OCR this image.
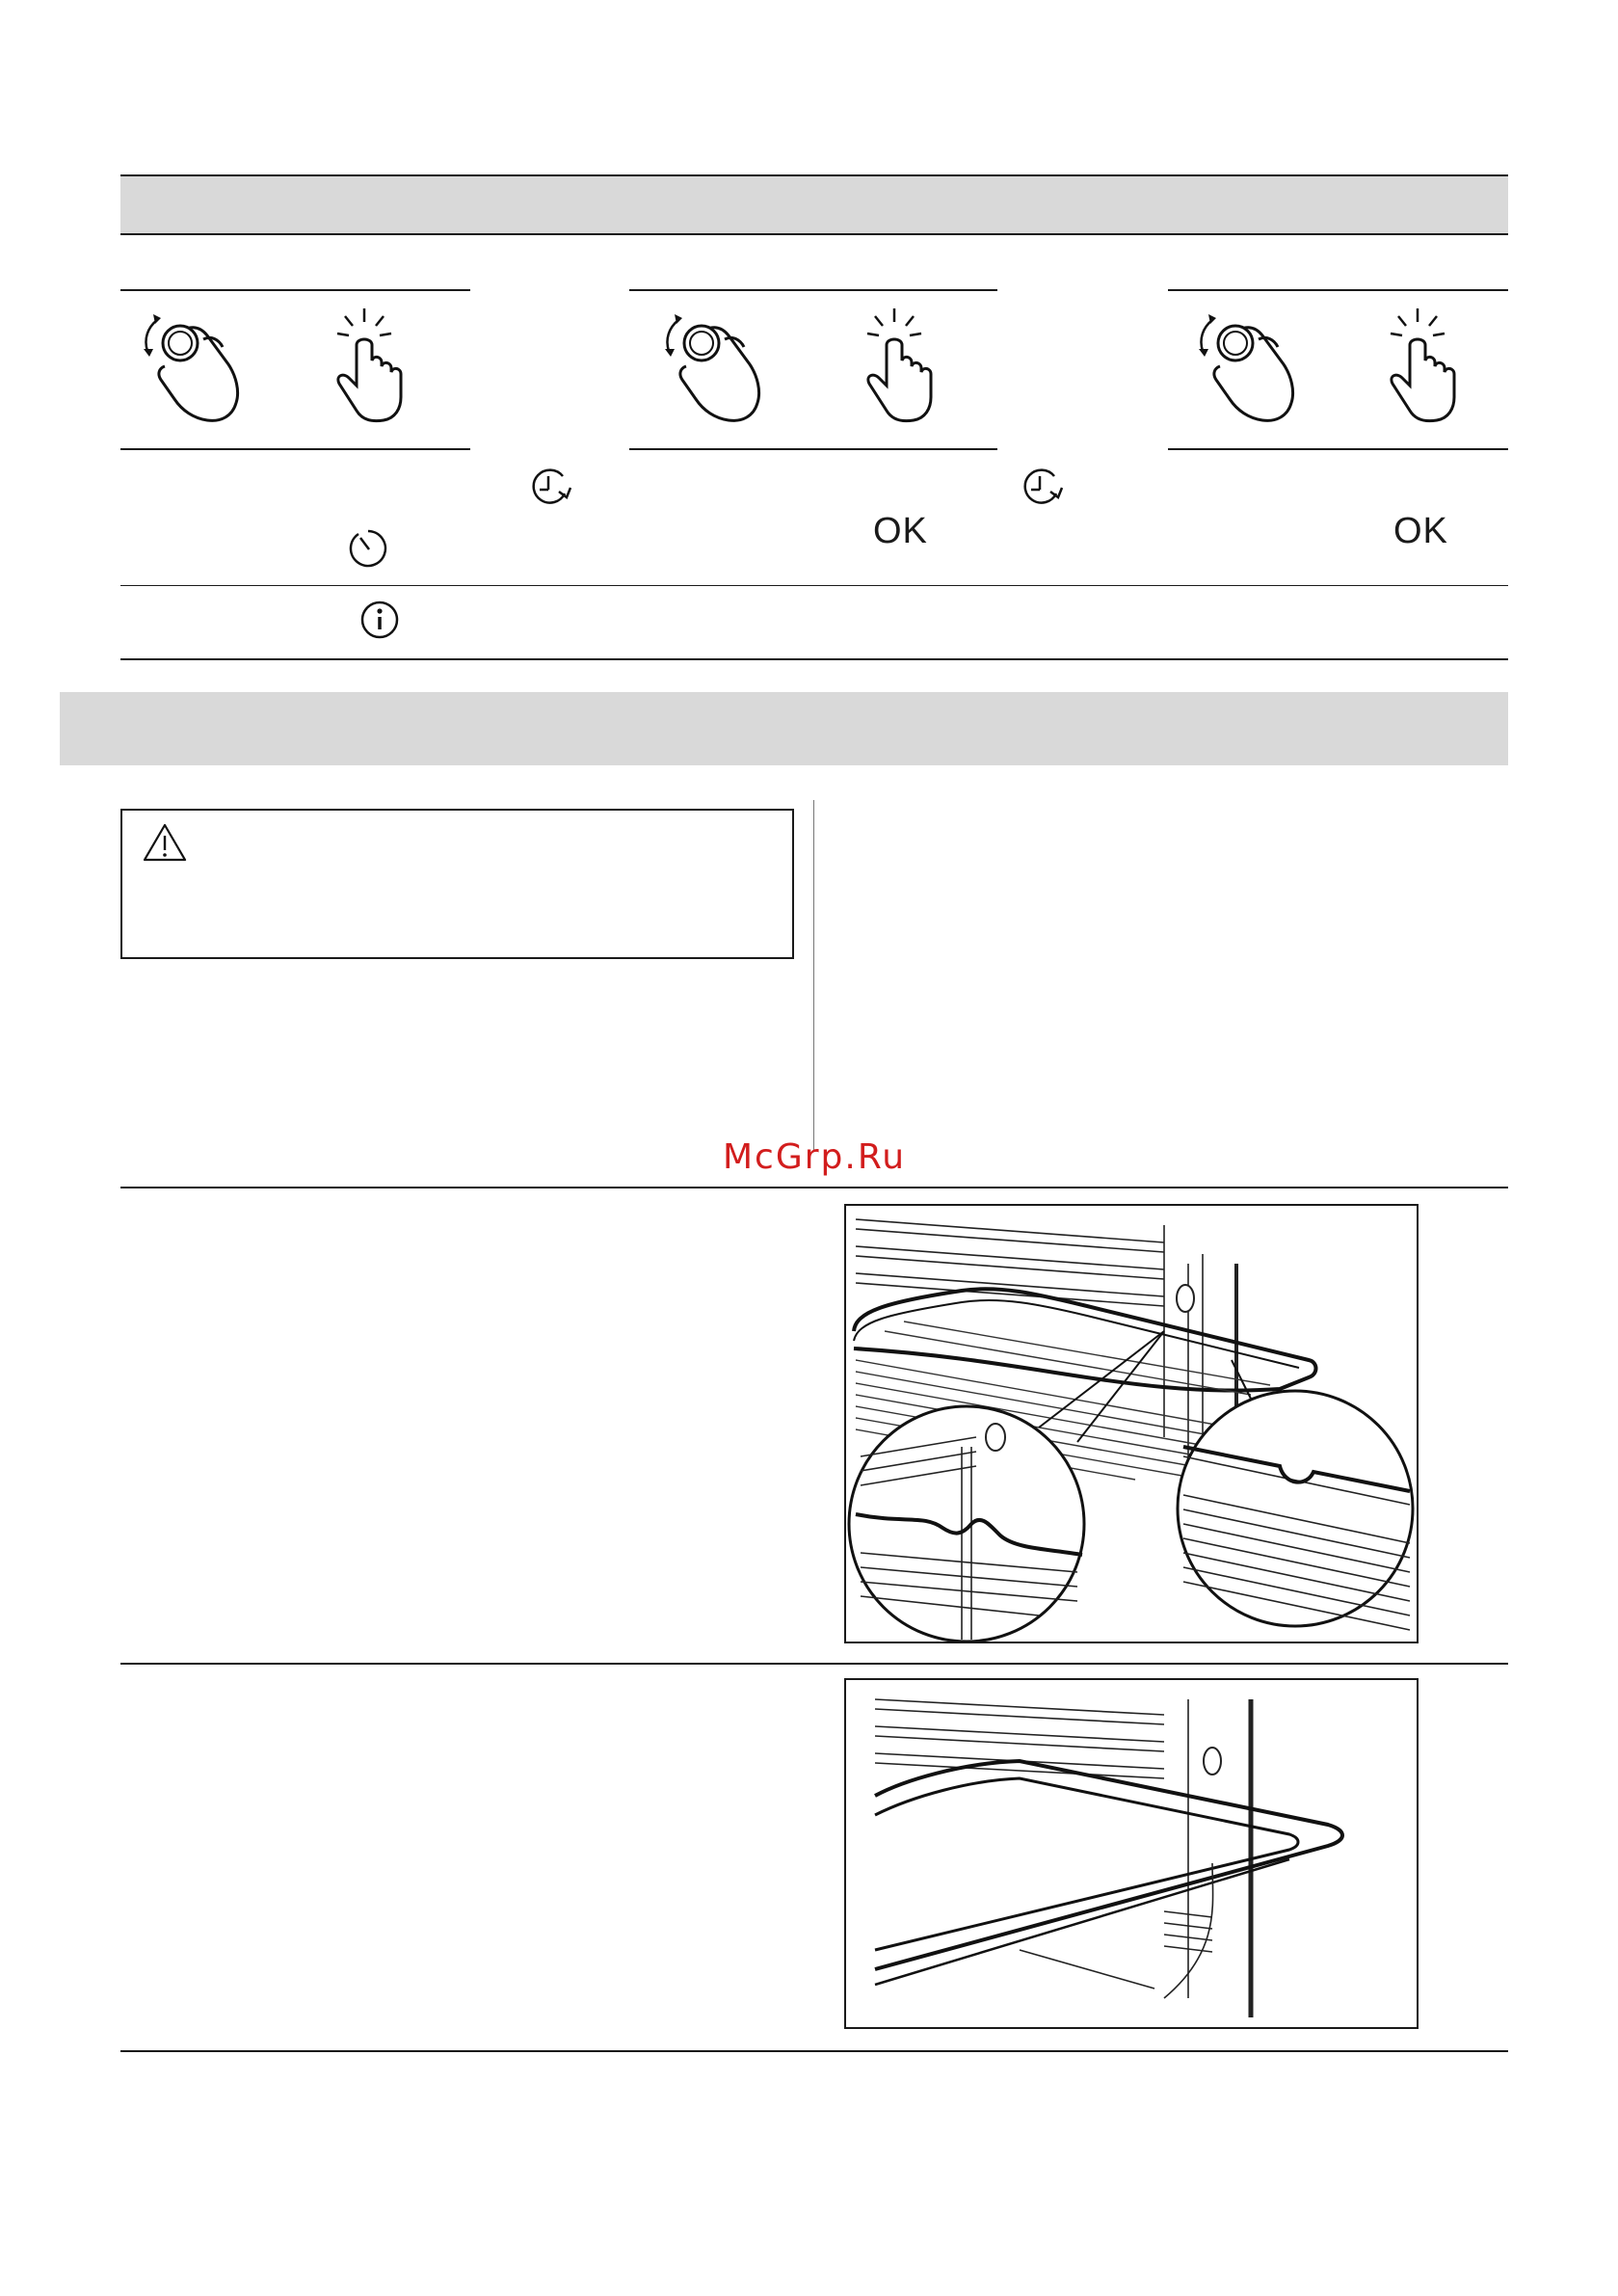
OK	OK
McGrp.Ru
